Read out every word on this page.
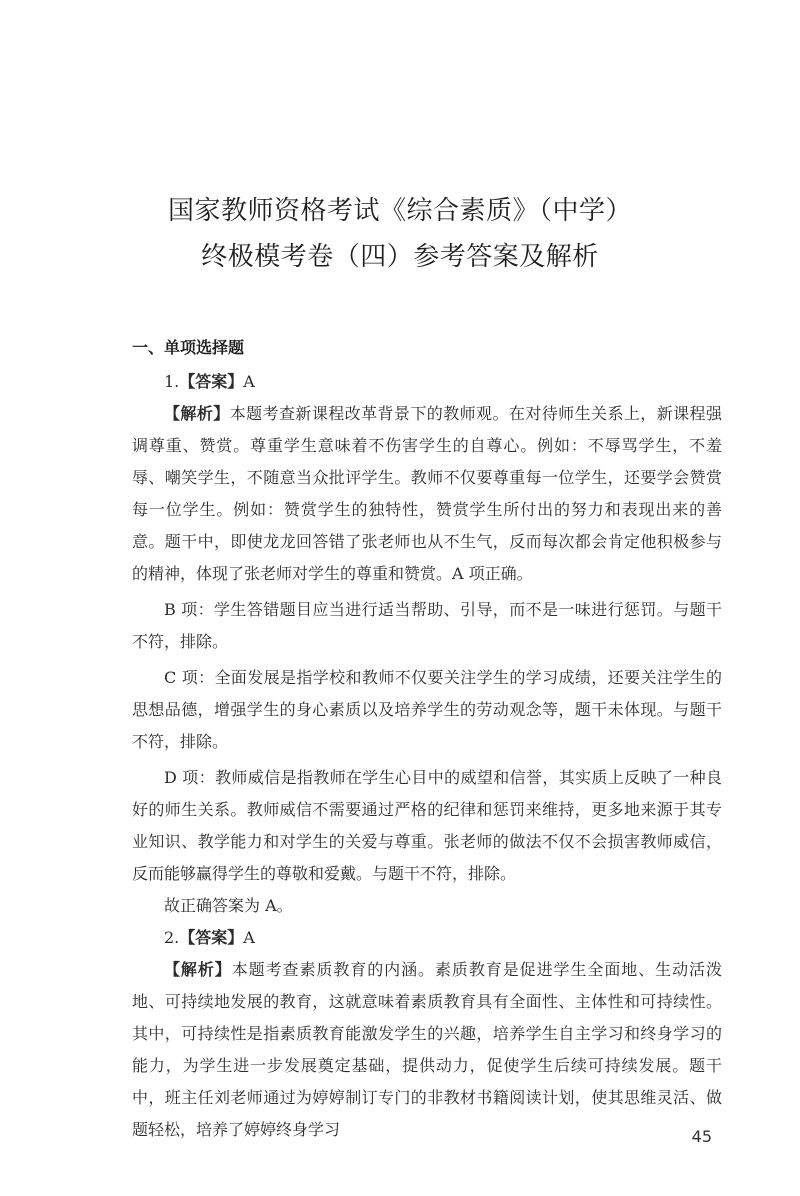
国家教师资格考试《综合素质》（中学）
终极模考卷（四）参考答案及解析
一、单项选择题
1.【答案】A

【解析】本题考查新课程改革背景下的教师观。在对待师生关系上，新课程强调尊重、赞赏。尊重学生意味着不伤害学生的自尊心。例如：不辱骂学生，不羞辱、嘲笑学生，不随意当众批评学生。教师不仅要尊重每一位学生，还要学会赞赏每一位学生。例如：赞赏学生的独特性，赞赏学生所付出的努力和表现出来的善意。题干中，即使龙龙回答错了张老师也从不生气，反而每次都会肯定他积极参与的精神，体现了张老师对学生的尊重和赞赏。A 项正确。

B 项：学生答错题目应当进行适当帮助、引导，而不是一味进行惩罚。与题干不符，排除。

C 项：全面发展是指学校和教师不仅要关注学生的学习成绩，还要关注学生的思想品德，增强学生的身心素质以及培养学生的劳动观念等，题干未体现。与题干不符，排除。

D 项：教师威信是指教师在学生心目中的威望和信誉，其实质上反映了一种良好的师生关系。教师威信不需要通过严格的纪律和惩罚来维持，更多地来源于其专业知识、教学能力和对学生的关爱与尊重。张老师的做法不仅不会损害教师威信，反而能够赢得学生的尊敬和爱戴。与题干不符，排除。

故正确答案为 A。

2.【答案】A

【解析】本题考查素质教育的内涵。素质教育是促进学生全面地、生动活泼地、可持续地发展的教育，这就意味着素质教育具有全面性、主体性和可持续性。其中，可持续性是指素质教育能激发学生的兴趣，培养学生自主学习和终身学习的能力，为学生进一步发展奠定基础，提供动力，促使学生后续可持续发展。题干中，班主任刘老师通过为婷婷制订专门的非教材书籍阅读计划，使其思维灵活、做题轻松，培养了婷婷终身学习	45
